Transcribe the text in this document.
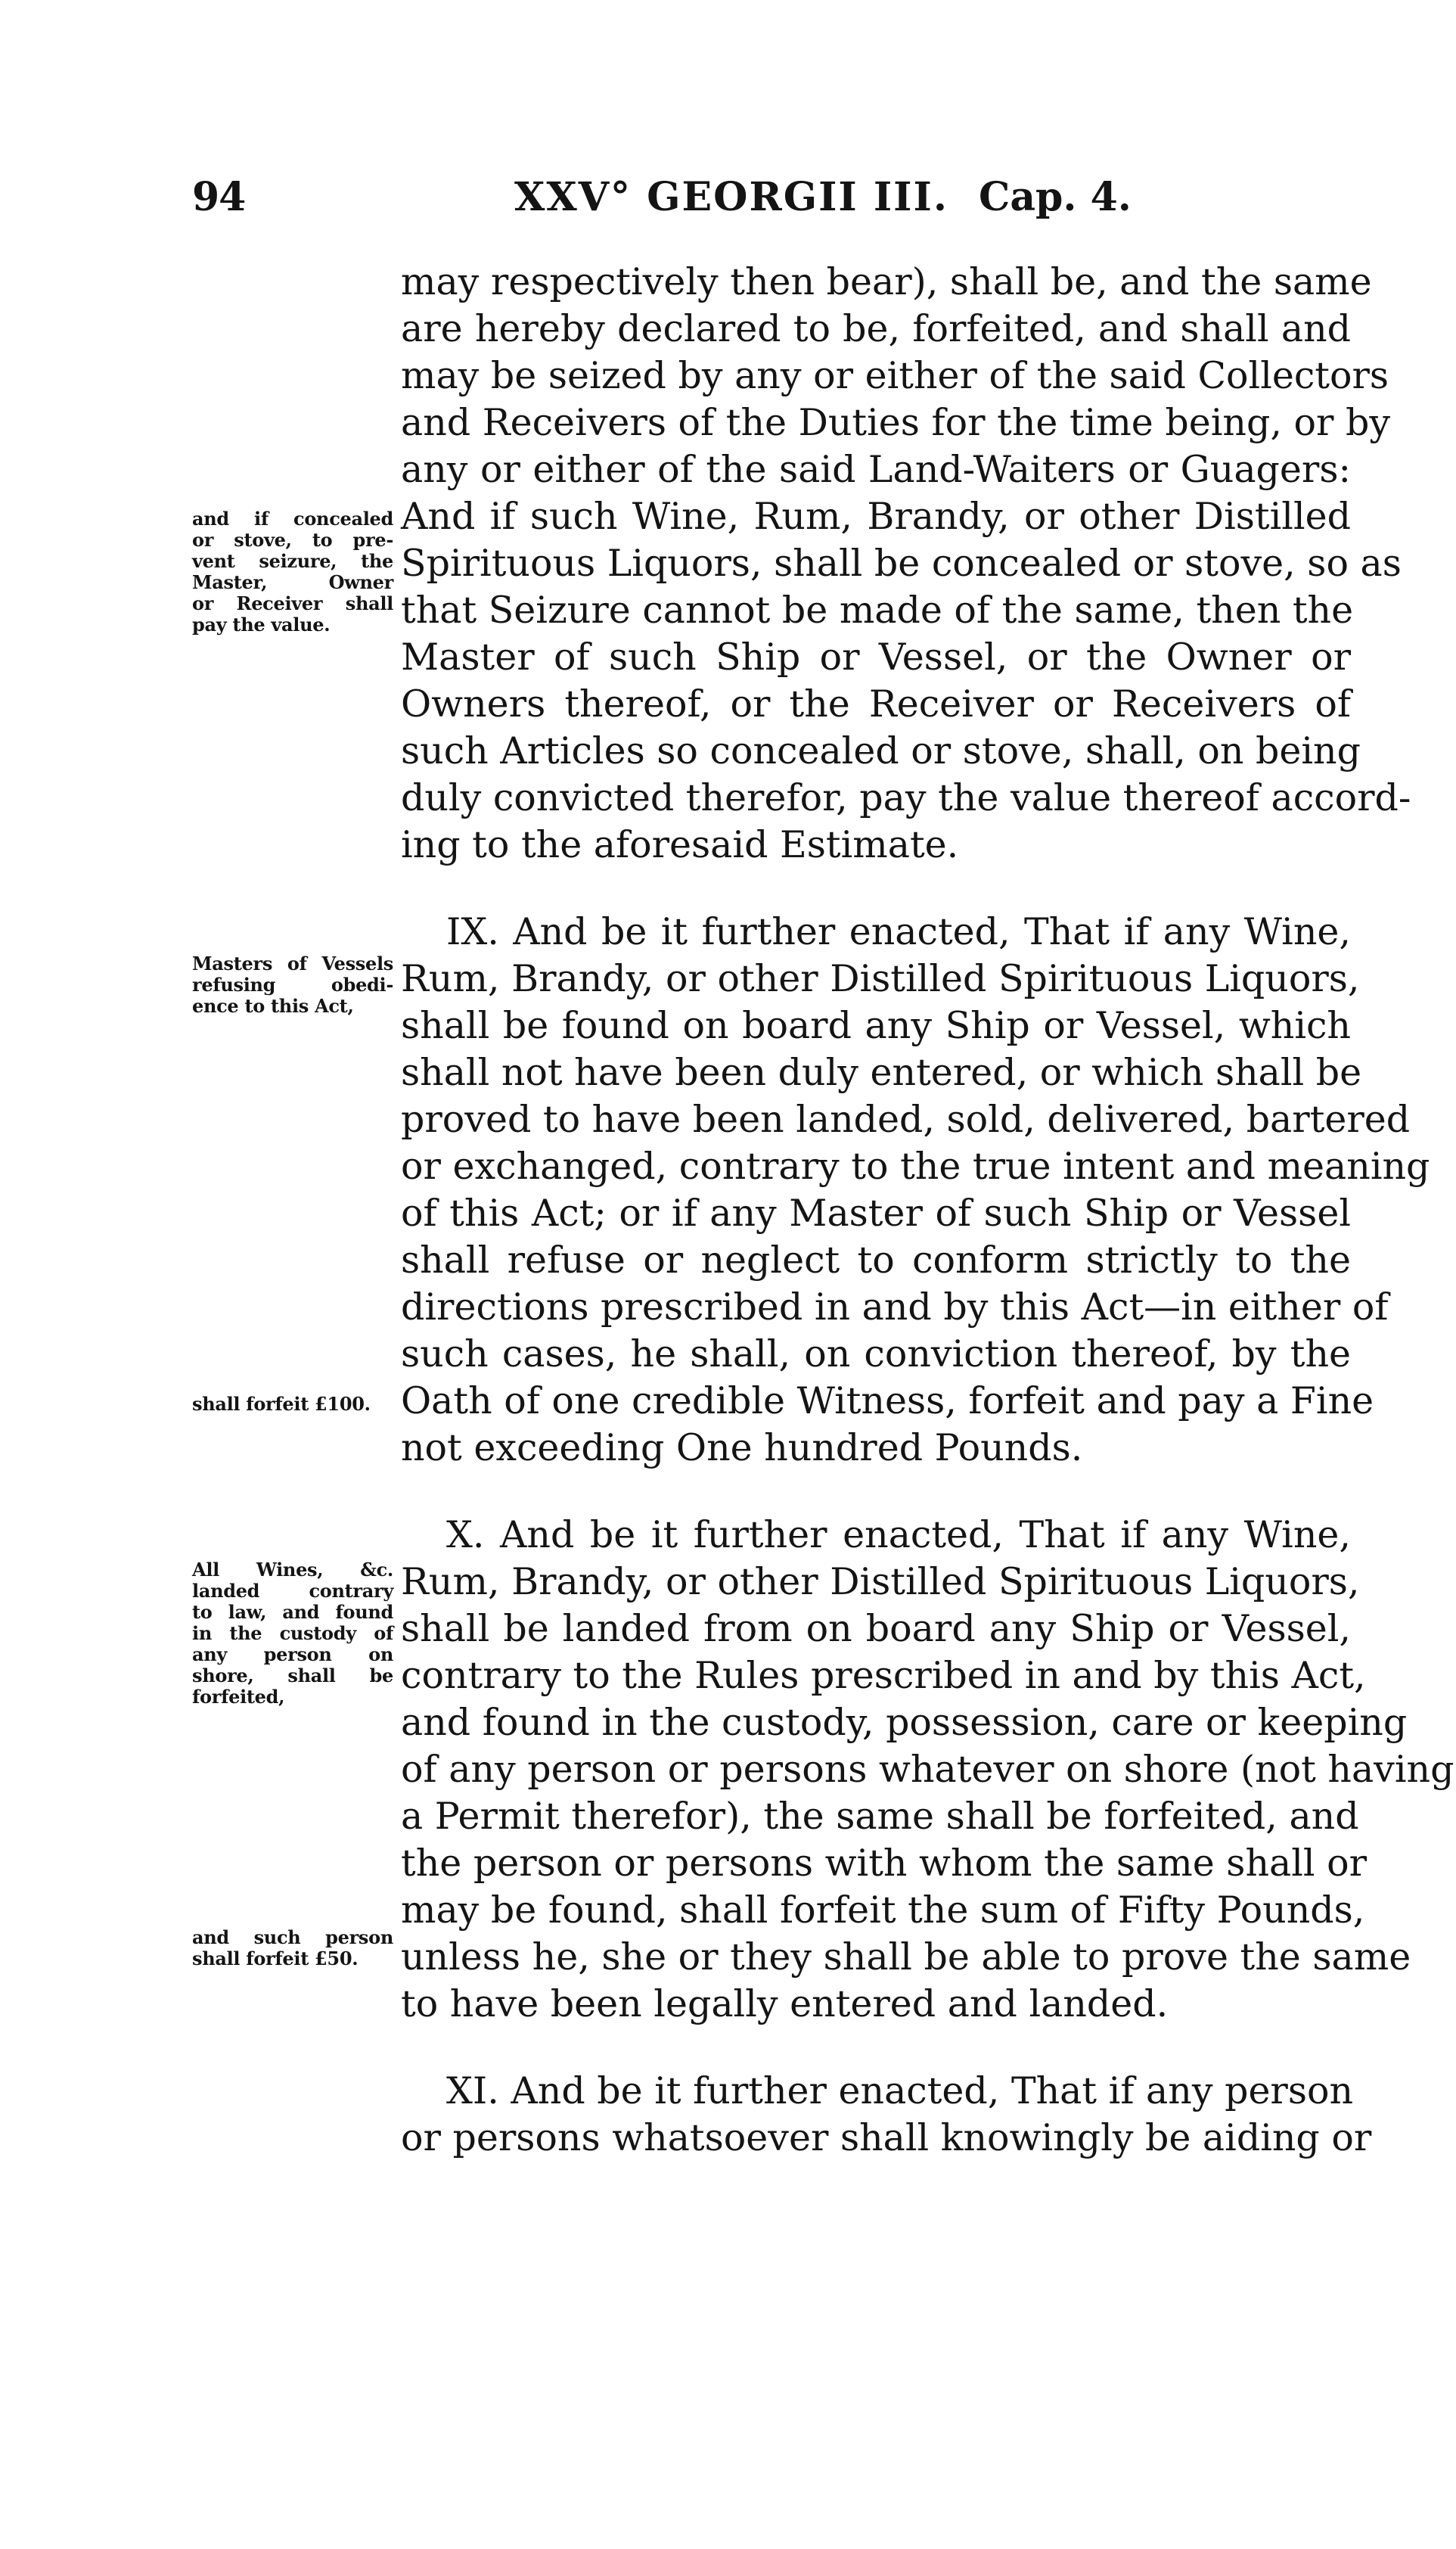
94	XXV° GEORGII III. Cap. 4.
may respectively then bear), shall be, and the same
are hereby declared to be, forfeited, and shall and
may be seized by any or either of the said Collectors
and Receivers of the Duties for the time being, or by
any or either of the said Land-Waiters or Guagers:
And if such Wine, Rum, Brandy, or other Distilled
Spirituous Liquors, shall be concealed or stove, so as
that Seizure cannot be made of the same, then the
Master of such Ship or Vessel, or the Owner or
Owners thereof, or the Receiver or Receivers of
such Articles so concealed or stove, shall, on being
duly convicted therefor, pay the value thereof accord-
ing to the aforesaid Estimate.
IX. And be it further enacted, That if any Wine,
Rum, Brandy, or other Distilled Spirituous Liquors,
shall be found on board any Ship or Vessel, which
shall not have been duly entered, or which shall be
proved to have been landed, sold, delivered, bartered
or exchanged, contrary to the true intent and meaning
of this Act; or if any Master of such Ship or Vessel
shall refuse or neglect to conform strictly to the
directions prescribed in and by this Act—in either of
such cases, he shall, on conviction thereof, by the
Oath of one credible Witness, forfeit and pay a Fine
not exceeding One hundred Pounds.
X. And be it further enacted, That if any Wine,
Rum, Brandy, or other Distilled Spirituous Liquors,
shall be landed from on board any Ship or Vessel,
contrary to the Rules prescribed in and by this Act,
and found in the custody, possession, care or keeping
of any person or persons whatever on shore (not having
a Permit therefor), the same shall be forfeited, and
the person or persons with whom the same shall or
may be found, shall forfeit the sum of Fifty Pounds,
unless he, she or they shall be able to prove the same
to have been legally entered and landed.
XI. And be it further enacted, That if any person
or persons whatsoever shall knowingly be aiding or
and if concealed
or stove, to pre-
vent seizure, the
Master, Owner
or Receiver shall
pay the value.
Masters of Vessels
refusing obedi-
ence to this Act,
shall forfeit £100.
All Wines, &c.
landed contrary
to law, and found
in the custody of
any person on
shore, shall be
forfeited,
and such person
shall forfeit £50.
